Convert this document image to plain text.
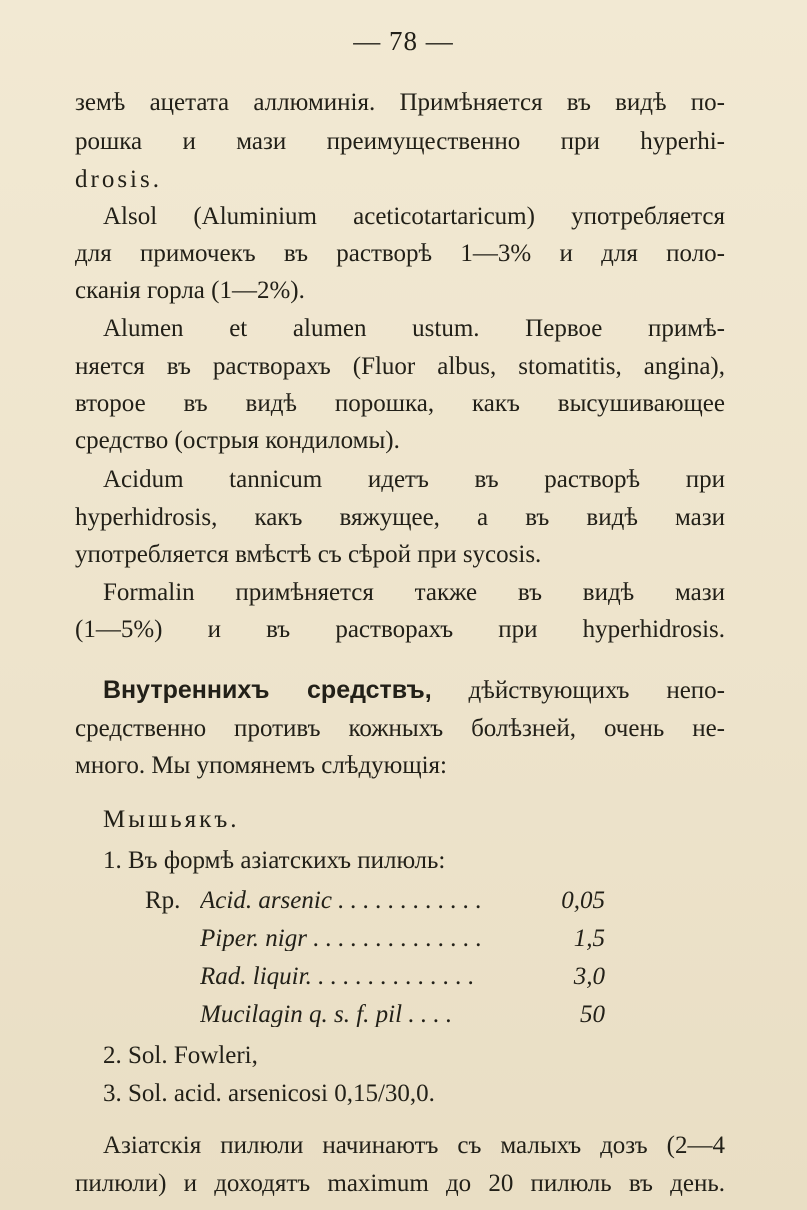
— 78 —
земѣ ацетата аллюминія. Примѣняется въ видѣ по-
рошка и мази преимущественно при hyperhi-
drosis.
Alsol (Aluminium aceticotartaricum) употребляется
для примочекъ въ растворѣ 1—3% и для поло-
сканія горла (1—2%).
Alumen et alumen ustum. Первое примѣ-
няется въ растворахъ (Fluor albus, stomatitis, angina),
второе въ видѣ порошка, какъ высушивающее
средство (острыя кондиломы).
Acidum tannicum идетъ въ растворѣ при
hyperhidrosis, какъ вяжущее, а въ видѣ мази
употребляется вмѣстѣ съ сѣрой при sycosis.
Formalin примѣняется также въ видѣ мази
(1—5%) и въ растворахъ при hyperhidrosis.
Внутреннихъ средствъ, дѣйствующихъ непо-
средственно противъ кожныхъ болѣзней, очень не-
много. Мы упомянемъ слѣдующія:
Мышьякъ.
1. Въ формѣ азіатскихъ пилюль:
Rp. Acid. arsenic . . . . . . . . . . . .	0,05
Piper. nigr . . . . . . . . . . . . . .	1,5
Rad. liquir. . . . . . . . . . . . . .	3,0
Mucilagin q. s. f. pil . . . .	50
2. Sol. Fowleri,
3. Sol. acid. arsenicosi 0,15/30,0.
Азіатскія пилюли начинаютъ съ малыхъ дозъ (2—4
пилюли) и доходятъ maximum до 20 пилюль въ день.
